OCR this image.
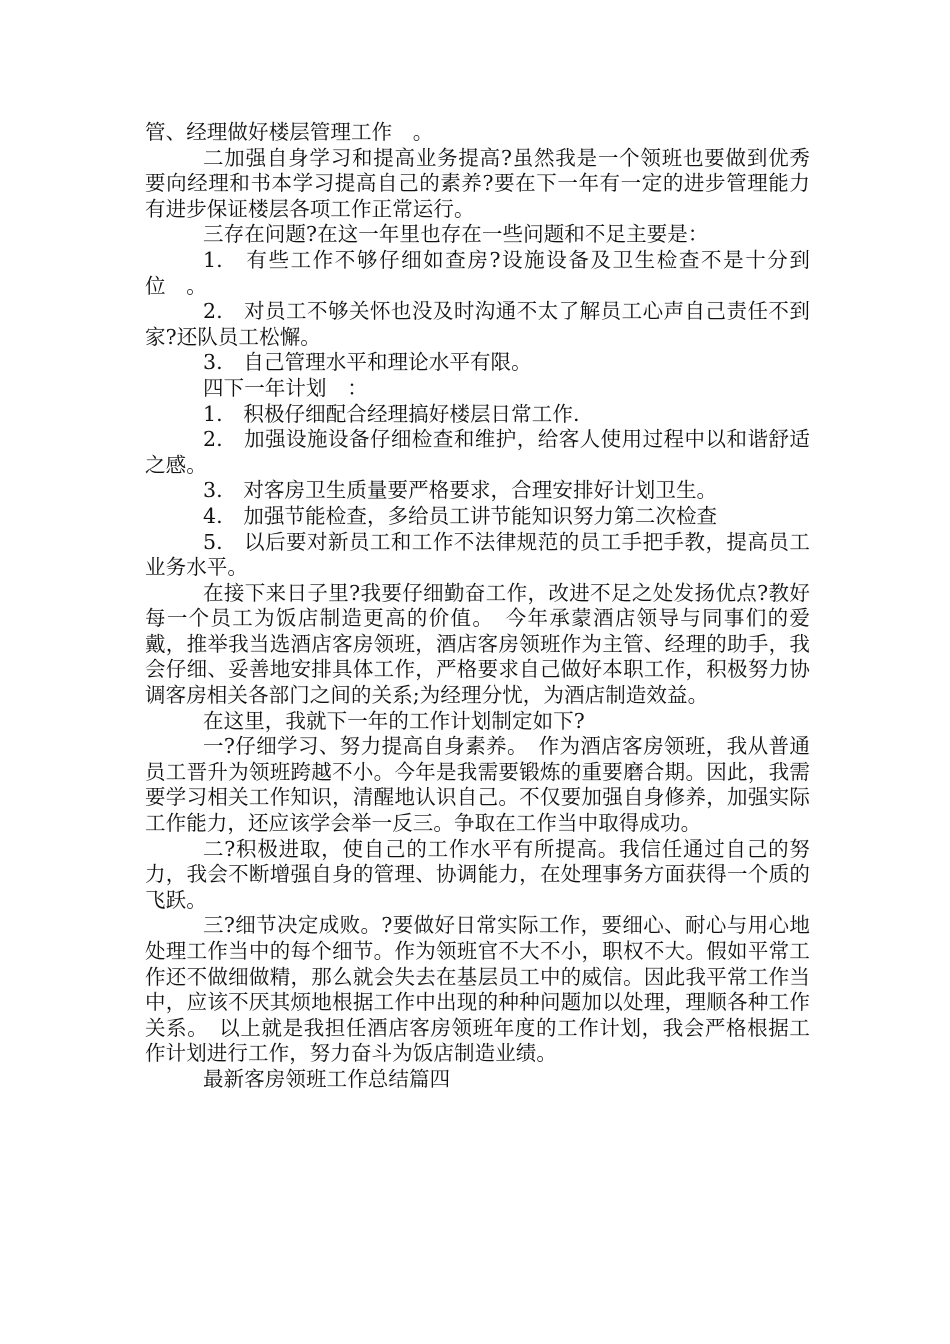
管、经理做好楼层管理工作　。

二加强自身学习和提高业务提高?虽然我是一个领班也要做到优秀要向经理和书本学习提高自己的素养?要在下一年有一定的进步管理能力有进步保证楼层各项工作正常运行。

三存在问题?在这一年里也存在一些问题和不足主要是：

1.　有些工作不够仔细如查房?设施设备及卫生检查不是十分到位　。

2.　对员工不够关怀也没及时沟通不太了解员工心声自己责任不到家?还队员工松懈。

3.　自己管理水平和理论水平有限。

四下一年计划　：

1.　积极仔细配合经理搞好楼层日常工作.

2.　加强设施设备仔细检查和维护，给客人使用过程中以和谐舒适之感。

3.　对客房卫生质量要严格要求，合理安排好计划卫生。

4.　加强节能检查，多给员工讲节能知识努力第二次检查

5.　以后要对新员工和工作不法律规范的员工手把手教，提高员工业务水平。

在接下来日子里?我要仔细勤奋工作，改进不足之处发扬优点?教好每一个员工为饭店制造更高的价值。　今年承蒙酒店领导与同事们的爱戴，推举我当选酒店客房领班，酒店客房领班作为主管、经理的助手，我会仔细、妥善地安排具体工作，严格要求自己做好本职工作，积极努力协调客房相关各部门之间的关系;为经理分忧，为酒店制造效益。

在这里，我就下一年的工作计划制定如下?

一?仔细学习、努力提高自身素养。　作为酒店客房领班，我从普通员工晋升为领班跨越不小。今年是我需要锻炼的重要磨合期。因此，我需要学习相关工作知识，清醒地认识自己。不仅要加强自身修养，加强实际工作能力，还应该学会举一反三。争取在工作当中取得成功。

二?积极进取，使自己的工作水平有所提高。我信任通过自己的努力，我会不断增强自身的管理、协调能力，在处理事务方面获得一个质的飞跃。

三?细节决定成败。?要做好日常实际工作，要细心、耐心与用心地处理工作当中的每个细节。作为领班官不大不小，职权不大。假如平常工作还不做细做精，那么就会失去在基层员工中的威信。因此我平常工作当中，应该不厌其烦地根据工作中出现的种种问题加以处理，理顺各种工作关系。　以上就是我担任酒店客房领班年度的工作计划，我会严格根据工作计划进行工作，努力奋斗为饭店制造业绩。

最新客房领班工作总结篇四
